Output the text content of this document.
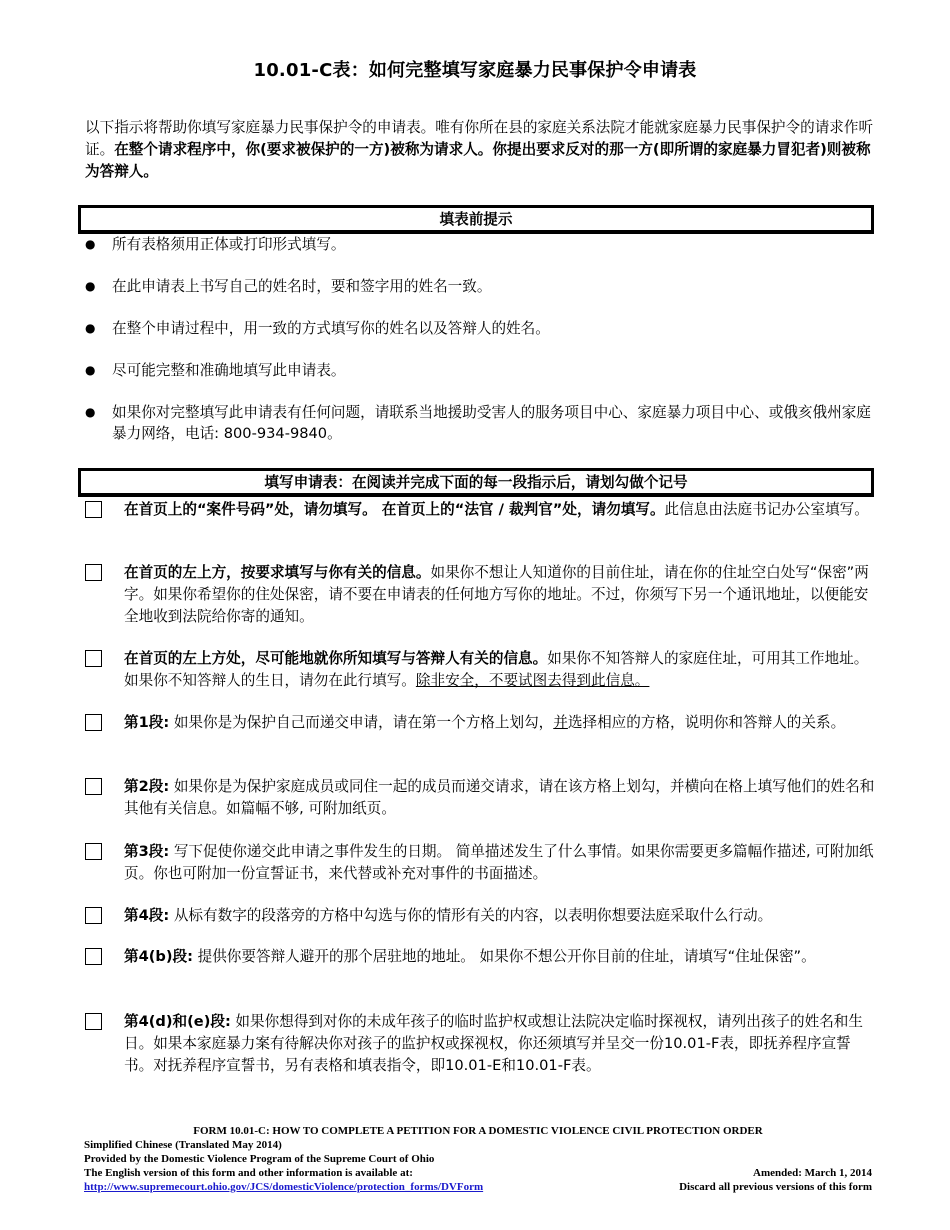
10.01-C表：如何完整填写家庭暴力民事保护令申请表
以下指示将帮助你填写家庭暴力民事保护令的申请表。唯有你所在县的家庭关系法院才能就家庭暴力民事保护令的请求作听证。在整个请求程序中，你(要求被保护的一方)被称为请求人。你提出要求反对的那一方(即所谓的家庭暴力冒犯者)则被称为答辩人。
填表前提示
● 所有表格须用正体或打印形式填写。
● 在此申请表上书写自己的姓名时，要和签字用的姓名一致。
● 在整个申请过程中，用一致的方式填写你的姓名以及答辩人的姓名。
● 尽可能完整和准确地填写此申请表。
● 如果你对完整填写此申请表有任何问题，请联系当地援助受害人的服务项目中心、家庭暴力项目中心、或俄亥俄州家庭暴力网络，电话: 800-934-9840。
填写申请表：在阅读并完成下面的每一段指示后，请划勾做个记号
在首页上的“案件号码”处，请勿填写。 在首页上的“法官 / 裁判官”处，请勿填写。此信息由法庭书记办公室填写。
在首页的左上方，按要求填写与你有关的信息。如果你不想让人知道你的目前住址，请在你的住址空白处写“保密”两字。如果你希望你的住处保密，请不要在申请表的任何地方写你的地址。不过，你须写下另一个通讯地址，以便能安全地收到法院给你寄的通知。
在首页的左上方处，尽可能地就你所知填写与答辩人有关的信息。如果你不知答辩人的家庭住址，可用其工作地址。如果你不知答辩人的生日，请勿在此行填写。除非安全，不要试图去得到此信息。
第1段: 如果你是为保护自己而递交申请，请在第一个方格上划勾，并选择相应的方格，说明你和答辩人的关系。
第2段: 如果你是为保护家庭成员或同住一起的成员而递交请求，请在该方格上划勾，并横向在格上填写他们的姓名和其他有关信息。如篇幅不够, 可附加纸页。
第3段: 写下促使你递交此申请之事件发生的日期。 简单描述发生了什么事情。如果你需要更多篇幅作描述, 可附加纸页。你也可附加一份宣誓证书，来代替或补充对事件的书面描述。
第4段: 从标有数字的段落旁的方格中勾选与你的情形有关的内容，以表明你想要法庭采取什么行动。
第4(b)段: 提供你要答辩人避开的那个居驻地的地址。 如果你不想公开你目前的住址，请填写“住址保密”。
第4(d)和(e)段: 如果你想得到对你的未成年孩子的临时监护权或想让法院决定临时探视权，请列出孩子的姓名和生日。如果本家庭暴力案有待解决你对孩子的监护权或探视权，你还须填写并呈交一份10.01-F表，即抚养程序宣誓书。对抚养程序宣誓书，另有表格和填表指令，即10.01-E和10.01-F表。
FORM 10.01-C: HOW TO COMPLETE A PETITION FOR A DOMESTIC VIOLENCE CIVIL PROTECTION ORDER
Simplified Chinese (Translated May 2014)
Provided by the Domestic Violence Program of the Supreme Court of Ohio
The English version of this form and other information is available at:	Amended: March 1, 2014
http://www.supremecourt.ohio.gov/JCS/domesticViolence/protection_forms/DVForm	Discard all previous versions of this form
